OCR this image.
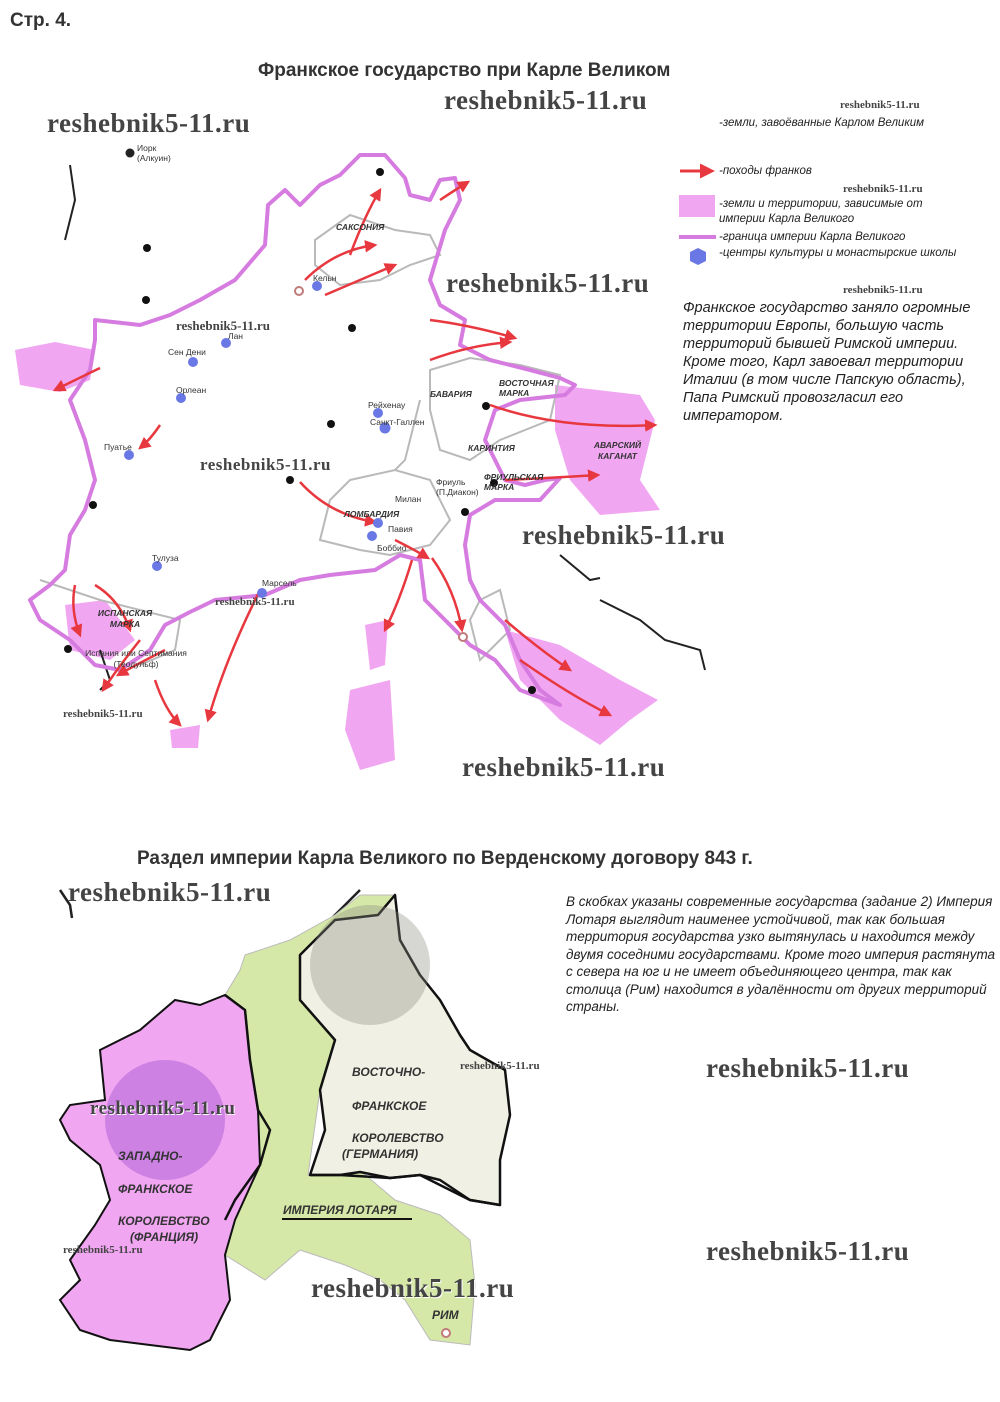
Стр. 4.
Франкское государство при Карле Великом
reshebnik5-11.ru
reshebnik5-11.ru
reshebnik5-11.ru
reshebnik5-11.ru
reshebnik5-11.ru
reshebnik5-11.ru
reshebnik5-11.ru
reshebnik5-11.ru
reshebnik5-11.ru
reshebnik5-11.ru
reshebnik5-11.ru
reshebnik5-11.ru
-земли, завоёванные Карлом Великим
-походы франков
-земли и территории, зависимые от империи Карла Великого
-граница империи Карла Великого
-центры культуры и монастырские школы
Франкское государство заняло огромные территории Европы, большую часть территорий бывшей Римской империи. Кроме того, Карл завоевал территории Италии (в том числе Папскую область), Папа Римский провозгласил его императором.
Иорк (Алкуин)
САКСОНИЯ
Кельн
Лан
Сен Дени
Орлеан
Рейхенау
Санкт-Галлен
БАВАРИЯ
ВОСТОЧНАЯ МАРКА
КАРИНТИЯ	АВАРСКИЙ КАГАНАТ
Пуатье
Фриуль (П.Диакон)
ФРИУЛЬСКАЯ МАРКА
Милан
ЛОМБАРДИЯ
Павия
Боббио
Тулуза
Марсель
ИСПАНСКАЯ МАРКА
Испания или Септимания (Теодульф)
Раздел империи Карла Великого по Верденскому договору 843 г.
reshebnik5-11.ru
reshebnik5-11.ru
reshebnik5-11.ru
reshebnik5-11.ru
reshebnik5-11.ru
reshebnik5-11.ru
reshebnik5-11.ru
В скобках указаны современные государства (задание 2) Империя Лотаря выглядит наименее устойчивой, так как большая территория государства узко вытянулась и находится между двумя соседними государствами. Кроме того империя растянута с севера на юг и не имеет объединяющего центра, так как столица (Рим) находится в удалённости от других территорий страны.
ВОСТОЧНО-
ФРАНКСКОЕ
КОРОЛЕВСТВО
(ГЕРМАНИЯ)
ЗАПАДНО-
ФРАНКСКОЕ
КОРОЛЕВСТВО
(ФРАНЦИЯ)
ИМПЕРИЯ ЛОТАРЯ
РИМ
